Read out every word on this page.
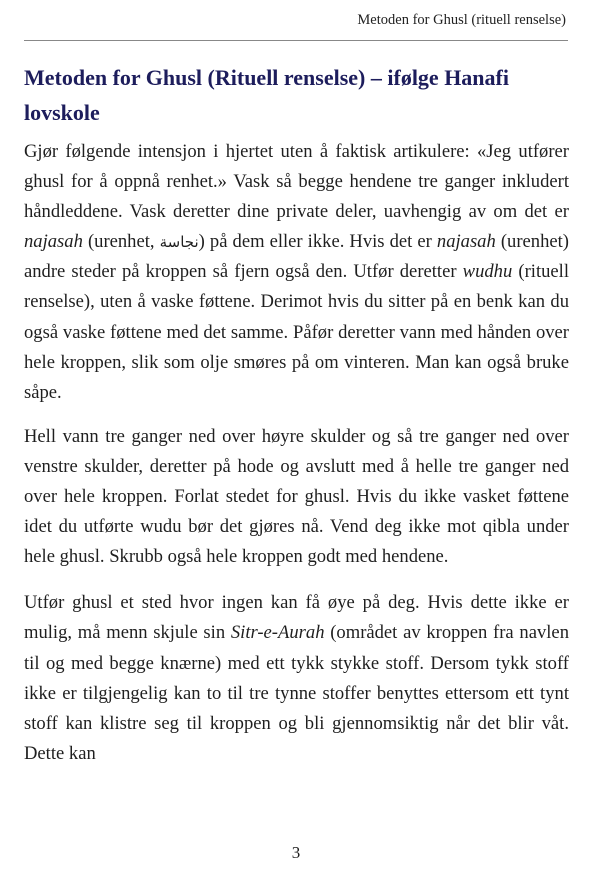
Metoden for Ghusl (rituell renselse)
Metoden for Ghusl (Rituell renselse) – ifølge Hanafi lovskole

Gjør følgende intensjon i hjertet uten å faktisk artikulere: «Jeg utfører ghusl for å oppnå renhet.» Vask så begge hendene tre ganger inkludert håndleddene. Vask deretter dine private deler, uavhengig av om det er najasah (urenhet, نجاسة) på dem eller ikke. Hvis det er najasah (urenhet) andre steder på kroppen så fjern også den. Utfør deretter wudhu (rituell renselse), uten å vaske føttene. Derimot hvis du sitter på en benk kan du også vaske føttene med det samme. Påfør deretter vann med hånden over hele kroppen, slik som olje smøres på om vinteren. Man kan også bruke såpe.

Hell vann tre ganger ned over høyre skulder og så tre ganger ned over venstre skulder, deretter på hode og avslutt med å helle tre ganger ned over hele kroppen. Forlat stedet for ghusl. Hvis du ikke vasket føttene idet du utførte wudu bør det gjøres nå. Vend deg ikke mot qibla under hele ghusl. Skrubb også hele kroppen godt med hendene.

Utfør ghusl et sted hvor ingen kan få øye på deg. Hvis dette ikke er mulig, må menn skjule sin Sitr-e-Aurah (området av kroppen fra navlen til og med begge knærne) med ett tykk stykke stoff. Dersom tykk stoff ikke er tilgjengelig kan to til tre tynne stoffer benyttes ettersom ett tynt stoff kan klistre seg til kroppen og bli gjennomsiktig når det blir våt. Dette kan

3
